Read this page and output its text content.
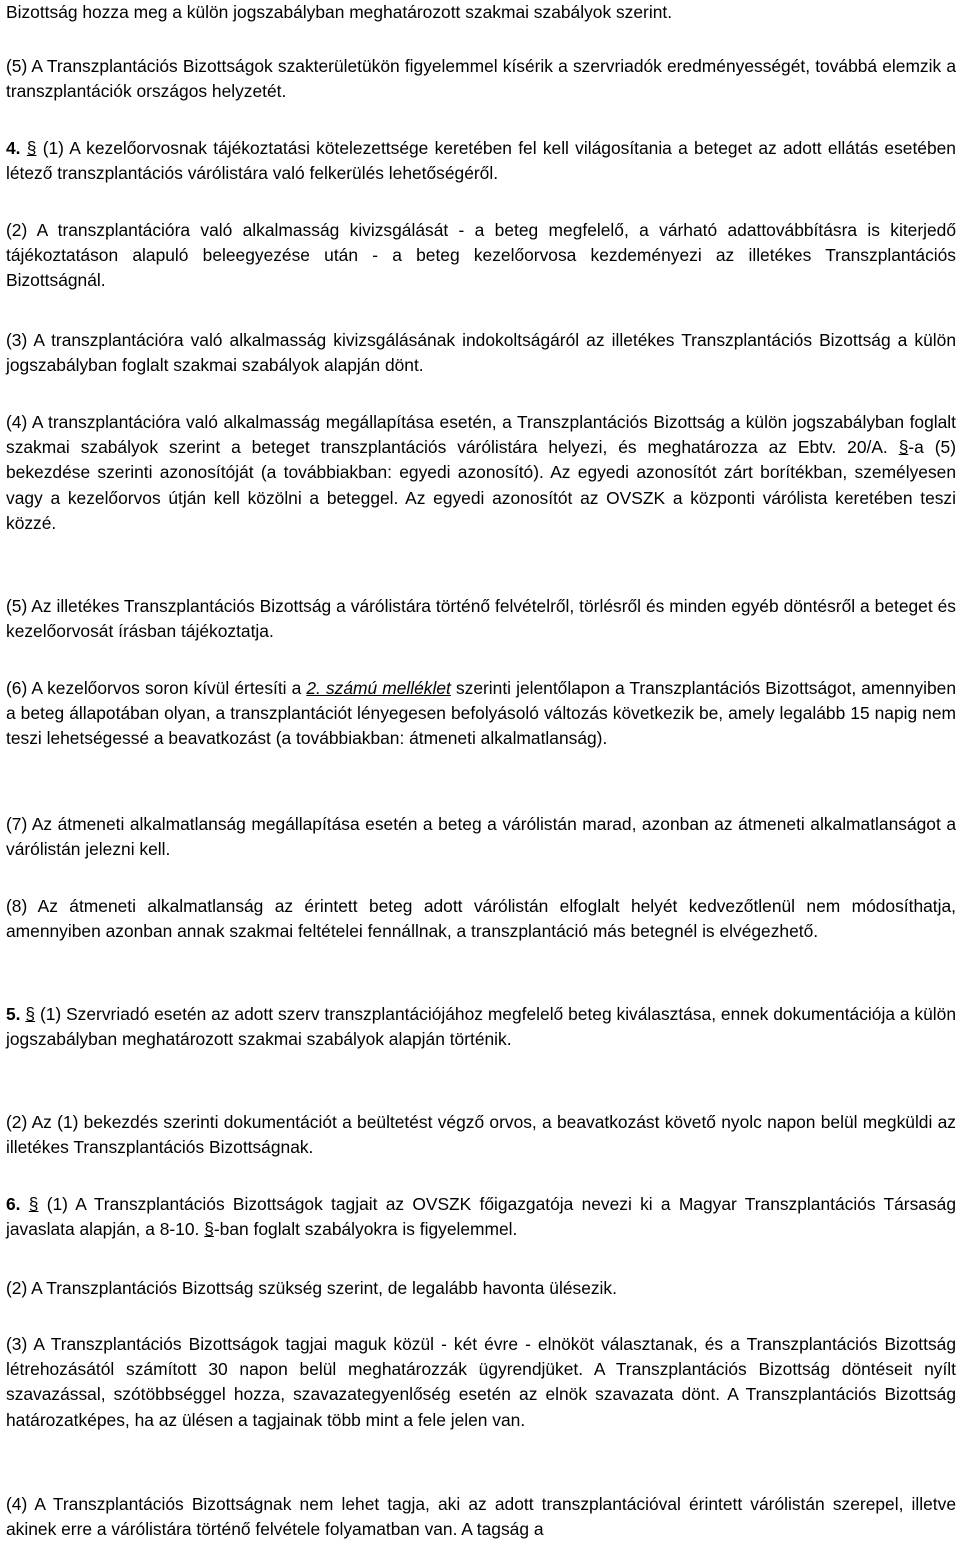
Bizottság hozza meg a külön jogszabályban meghatározott szakmai szabályok szerint.

(5) A Transzplantációs Bizottságok szakterületükön figyelemmel kísérik a szervriadók eredményességét, továbbá elemzik a transzplantációk országos helyzetét.

4. § (1) A kezelőorvosnak tájékoztatási kötelezettsége keretében fel kell világosítania a beteget az adott ellátás esetében létező transzplantációs várólistára való felkerülés lehetőségéről.

(2) A transzplantációra való alkalmasság kivizsgálását - a beteg megfelelő, a várható adattovábbításra is kiterjedő tájékoztatáson alapuló beleegyezése után - a beteg kezelőorvosa kezdeményezi az illetékes Transzplantációs Bizottságnál.

(3) A transzplantációra való alkalmasság kivizsgálásának indokoltságáról az illetékes Transzplantációs Bizottság a külön jogszabályban foglalt szakmai szabályok alapján dönt.

(4) A transzplantációra való alkalmasság megállapítása esetén, a Transzplantációs Bizottság a külön jogszabályban foglalt szakmai szabályok szerint a beteget transzplantációs várólistára helyezi, és meghatározza az Ebtv. 20/A. §-a (5) bekezdése szerinti azonosítóját (a továbbiakban: egyedi azonosító). Az egyedi azonosítót zárt borítékban, személyesen vagy a kezelőorvos útján kell közölni a beteggel. Az egyedi azonosítót az OVSZK a központi várólista keretében teszi közzé.

(5) Az illetékes Transzplantációs Bizottság a várólistára történő felvételről, törlésről és minden egyéb döntésről a beteget és kezelőorvosát írásban tájékoztatja.

(6) A kezelőorvos soron kívül értesíti a 2. számú melléklet szerinti jelentőlapon a Transzplantációs Bizottságot, amennyiben a beteg állapotában olyan, a transzplantációt lényegesen befolyásoló változás következik be, amely legalább 15 napig nem teszi lehetségessé a beavatkozást (a továbbiakban: átmeneti alkalmatlanság).

(7) Az átmeneti alkalmatlanság megállapítása esetén a beteg a várólistán marad, azonban az átmeneti alkalmatlanságot a várólistán jelezni kell.

(8) Az átmeneti alkalmatlanság az érintett beteg adott várólistán elfoglalt helyét kedvezőtlenül nem módosíthatja, amennyiben azonban annak szakmai feltételei fennállnak, a transzplantáció más betegnél is elvégezhető.

5. § (1) Szervriadó esetén az adott szerv transzplantációjához megfelelő beteg kiválasztása, ennek dokumentációja a külön jogszabályban meghatározott szakmai szabályok alapján történik.

(2) Az (1) bekezdés szerinti dokumentációt a beültetést végző orvos, a beavatkozást követő nyolc napon belül megküldi az illetékes Transzplantációs Bizottságnak.

6. § (1) A Transzplantációs Bizottságok tagjait az OVSZK főigazgatója nevezi ki a Magyar Transzplantációs Társaság javaslata alapján, a 8-10. §-ban foglalt szabályokra is figyelemmel.

(2) A Transzplantációs Bizottság szükség szerint, de legalább havonta ülésezik.

(3) A Transzplantációs Bizottságok tagjai maguk közül - két évre - elnököt választanak, és a Transzplantációs Bizottság létrehozásától számított 30 napon belül meghatározzák ügyrendjüket. A Transzplantációs Bizottság döntéseit nyílt szavazással, szótöbbséggel hozza, szavazategyenlőség esetén az elnök szavazata dönt. A Transzplantációs Bizottság határozatképes, ha az ülésen a tagjainak több mint a fele jelen van.

(4) A Transzplantációs Bizottságnak nem lehet tagja, aki az adott transzplantációval érintett várólistán szerepel, illetve akinek erre a várólistára történő felvétele folyamatban van. A tagság a
